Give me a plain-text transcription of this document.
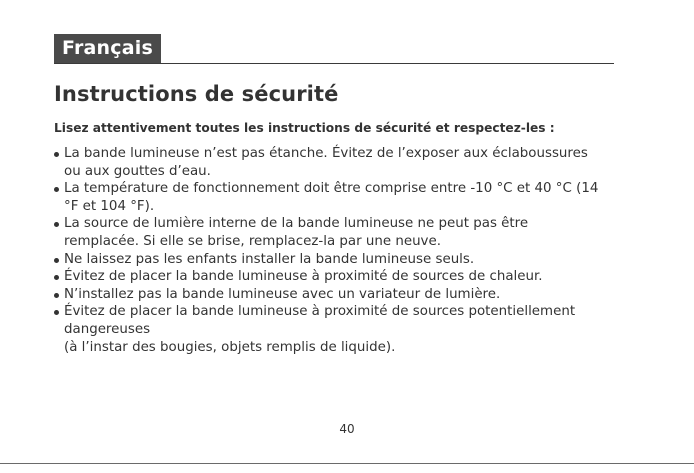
Français
Instructions de sécurité

Lisez attentivement toutes les instructions de sécurité et respectez-les :

La bande lumineuse n’est pas étanche. Évitez de l’exposer aux éclaboussures
ou aux gouttes d’eau.
La température de fonctionnement doit être comprise entre -10 °C et 40 °C (14
°F et 104 °F).
La source de lumière interne de la bande lumineuse ne peut pas être
remplacée. Si elle se brise, remplacez-la par une neuve.
Ne laissez pas les enfants installer la bande lumineuse seuls.
Évitez de placer la bande lumineuse à proximité de sources de chaleur.
N’installez pas la bande lumineuse avec un variateur de lumière.
Évitez de placer la bande lumineuse à proximité de sources potentiellement
dangereuses
(à l’instar des bougies, objets remplis de liquide).
40
